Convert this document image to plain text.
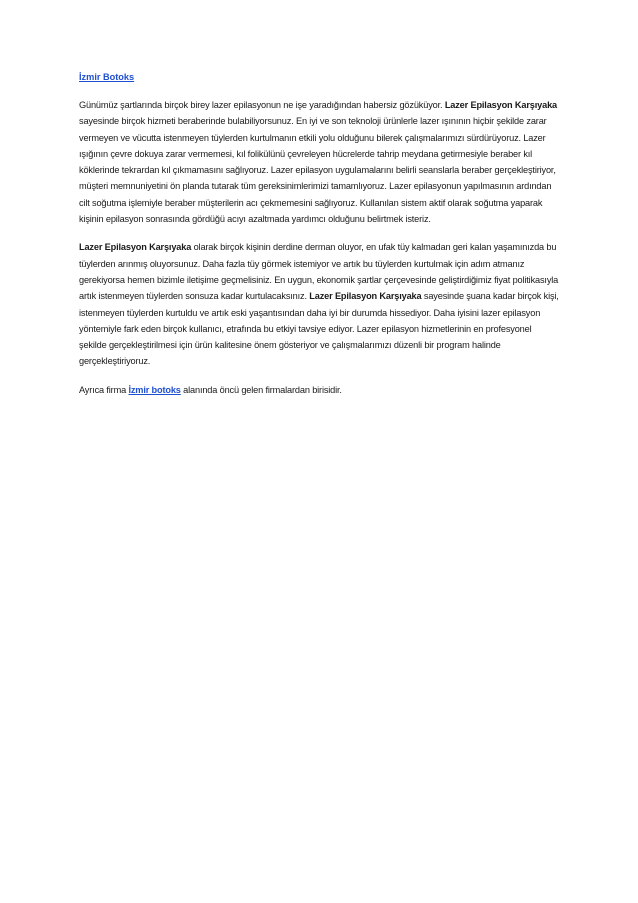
İzmir Botoks

Günümüz şartlarında birçok birey lazer epilasyonun ne işe yaradığından habersiz gözüküyor. Lazer Epilasyon Karşıyaka sayesinde birçok hizmeti beraberinde bulabiliyorsunuz. En iyi ve son teknoloji ürünlerle lazer ışınının hiçbir şekilde zarar vermeyen ve vücutta istenmeyen tüylerden kurtulmanın etkili yolu olduğunu bilerek çalışmalarımızı sürdürüyoruz. Lazer ışığının çevre dokuya zarar vermemesi, kıl folikülünü çevreleyen hücrelerde tahrip meydana getirmesiyle beraber kıl köklerinde tekrardan kıl çıkmamasını sağlıyoruz. Lazer epilasyon uygulamalarını belirli seanslarla beraber gerçekleştiriyor, müşteri memnuniyetini ön planda tutarak tüm gereksinimlerimizi tamamlıyoruz. Lazer epilasyonun yapılmasının ardından cilt soğutma işlemiyle beraber müşterilerin acı çekmemesini sağlıyoruz. Kullanılan sistem aktif olarak soğutma yaparak kişinin epilasyon sonrasında gördüğü acıyı azaltmada yardımcı olduğunu belirtmek isteriz.

Lazer Epilasyon Karşıyaka olarak birçok kişinin derdine derman oluyor, en ufak tüy kalmadan geri kalan yaşamınızda bu tüylerden arınmış oluyorsunuz. Daha fazla tüy görmek istemiyor ve artık bu tüylerden kurtulmak için adım atmanız gerekiyorsa hemen bizimle iletişime geçmelisiniz. En uygun, ekonomik şartlar çerçevesinde geliştirdiğimiz fiyat politikasıyla artık istenmeyen tüylerden sonsuza kadar kurtulacaksınız. Lazer Epilasyon Karşıyaka sayesinde şuana kadar birçok kişi, istenmeyen tüylerden kurtuldu ve artık eski yaşantısından daha iyi bir durumda hissediyor. Daha iyisini lazer epilasyon yöntemiyle fark eden birçok kullanıcı, etrafında bu etkiyi tavsiye ediyor. Lazer epilasyon hizmetlerinin en profesyonel şekilde gerçekleştirilmesi için ürün kalitesine önem gösteriyor ve çalışmalarımızı düzenli bir program halinde gerçekleştiriyoruz.

Ayrıca firma İzmir botoks alanında öncü gelen firmalardan birisidir.
